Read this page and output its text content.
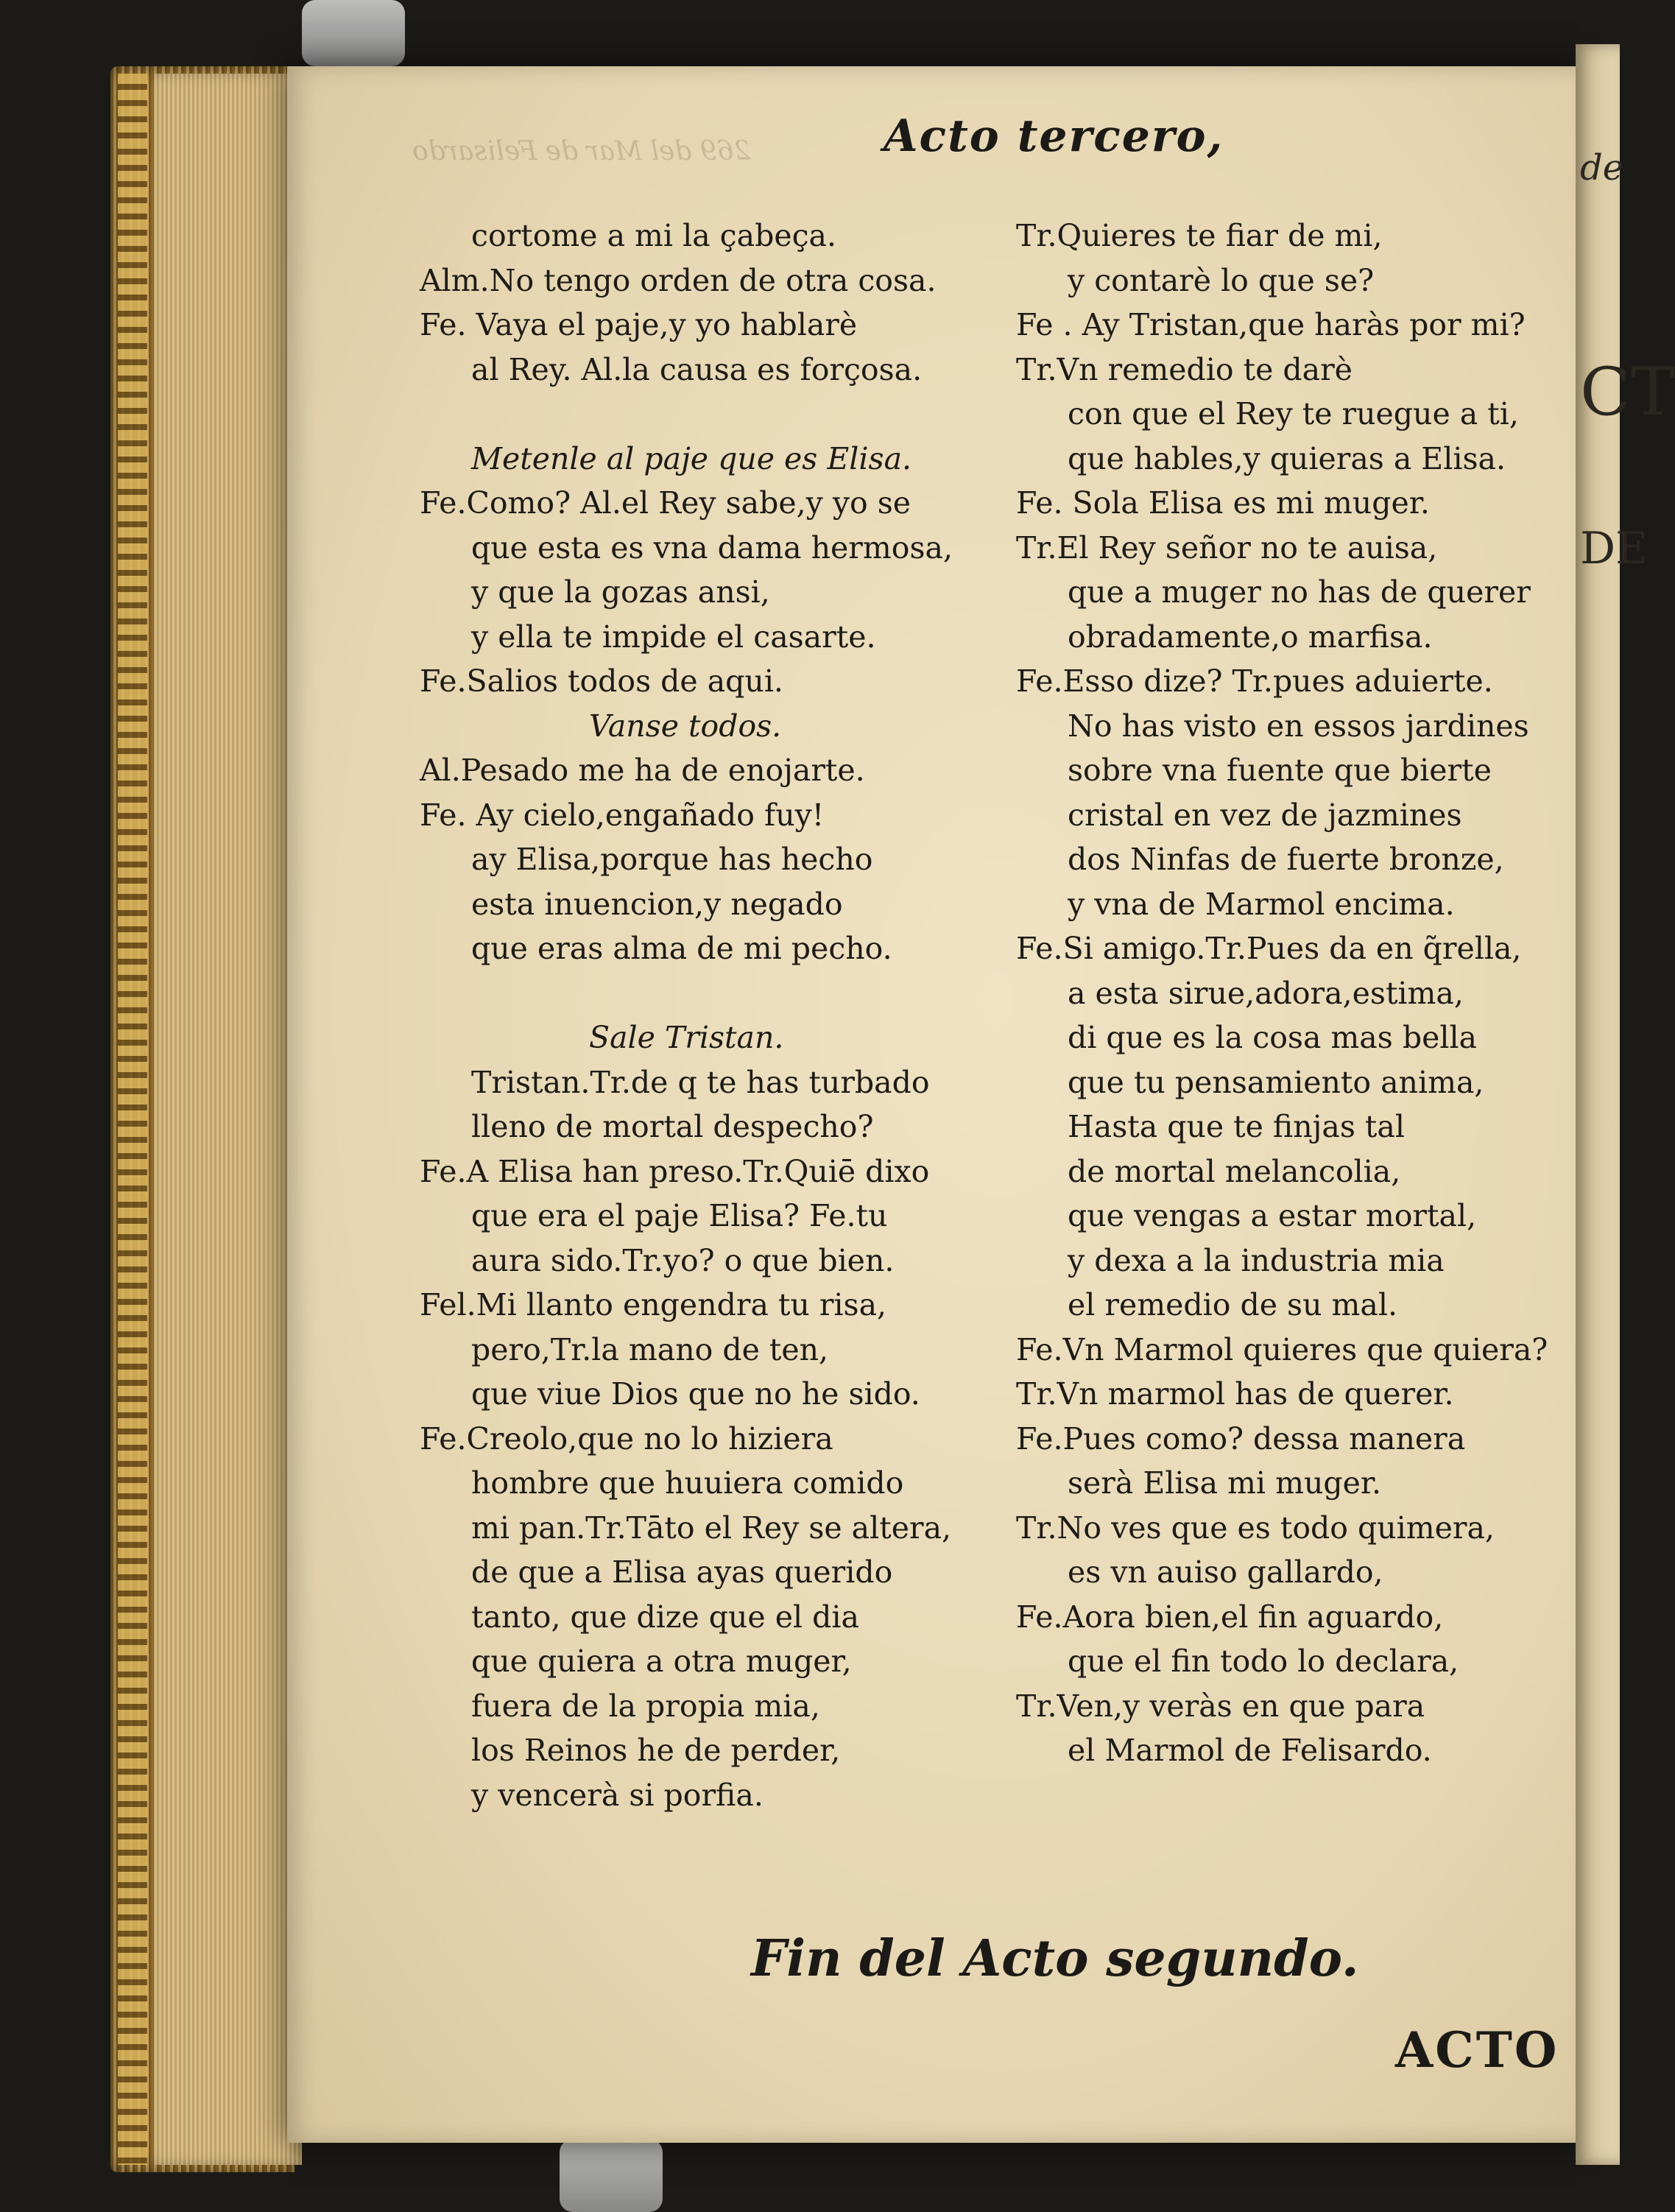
de
CT
DE
269 del Mar de Felisardo	Acto tercero,
cortome a mi la çabeça.
Alm.No tengo orden de otra cosa.
Fe. Vaya el paje,y yo hablarè
al Rey. Al.la causa es forçosa.
Metenle al paje que es Elisa.
Fe.Como? Al.el Rey sabe,y yo se
que esta es vna dama hermosa,
y que la gozas ansi,
y ella te impide el casarte.
Fe.Salios todos de aqui.
Vanse todos.
Al.Pesado me ha de enojarte.
Fe. Ay cielo,engañado fuy!
ay Elisa,porque has hecho
esta inuencion,y negado
que eras alma de mi pecho.
Sale Tristan.
Tristan.Tr.de q te has turbado
lleno de mortal despecho?
Fe.A Elisa han preso.Tr.Quiē dixo
que era el paje Elisa? Fe.tu
aura sido.Tr.yo? o que bien.
Fel.Mi llanto engendra tu risa,
pero,Tr.la mano de ten,
que viue Dios que no he sido.
Fe.Creolo,que no lo hiziera
hombre que huuiera comido
mi pan.Tr.Tāto el Rey se altera,
de que a Elisa ayas querido
tanto, que dize que el dia
que quiera a otra muger,
fuera de la propia mia,
los Reinos he de perder,
y vencerà si porfia.
Tr.Quieres te fiar de mi,
y contarè lo que se?
Fe . Ay Tristan,que haràs por mi?
Tr.Vn remedio te darè
con que el Rey te ruegue a ti,
que hables,y quieras a Elisa.
Fe. Sola Elisa es mi muger.
Tr.El Rey señor no te auisa,
que a muger no has de querer
obradamente,o marfisa.
Fe.Esso dize? Tr.pues aduierte.
No has visto en essos jardines
sobre vna fuente que bierte
cristal en vez de jazmines
dos Ninfas de fuerte bronze,
y vna de Marmol encima.
Fe.Si amigo.Tr.Pues da en q̃rella,
a esta sirue,adora,estima,
di que es la cosa mas bella
que tu pensamiento anima,
Hasta que te finjas tal
de mortal melancolia,
que vengas a estar mortal,
y dexa a la industria mia
el remedio de su mal.
Fe.Vn Marmol quieres que quiera?
Tr.Vn marmol has de querer.
Fe.Pues como? dessa manera
serà Elisa mi muger.
Tr.No ves que es todo quimera,
es vn auiso gallardo,
Fe.Aora bien,el fin aguardo,
que el fin todo lo declara,
Tr.Ven,y veràs en que para
el Marmol de Felisardo.
Fin del Acto segundo.
ACTO
